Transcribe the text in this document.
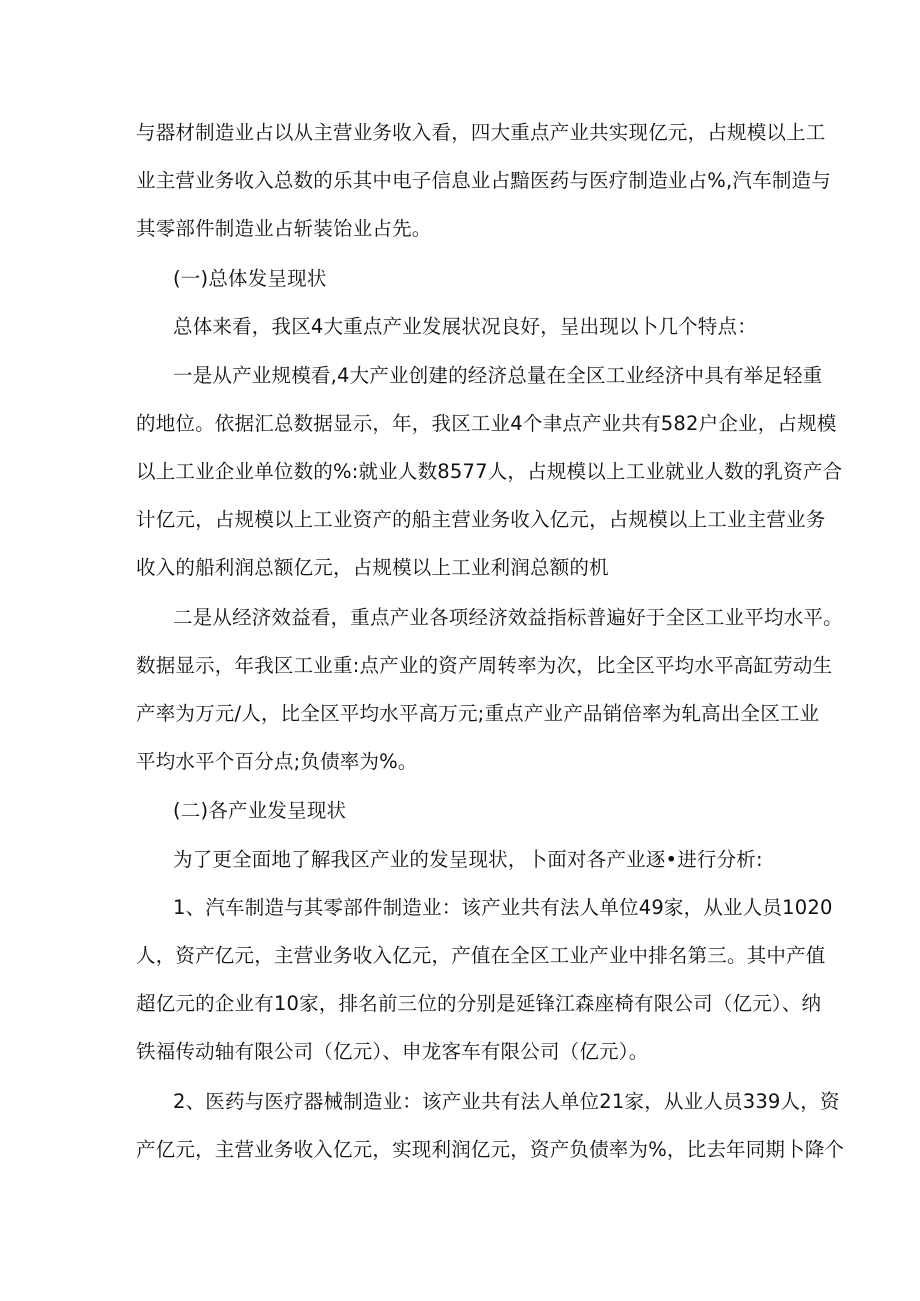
与器材制造业占以从主营业务收入看，四大重点产业共实现亿元，占规模以上工
业主营业务收入总数的乐其中电子信息业占黯医药与医疗制造业占%,汽车制造与
其零部件制造业占斩装饴业占先。
(一)总体发呈现状
总体来看，我区4大重点产业发展状况良好，呈出现以卜几个特点：
一是从产业规模看,4大产业创建的经济总量在全区工业经济中具有举足轻重
的地位。依据汇总数据显示，年，我区工业4个聿点产业共有582户企业，占规模
以上工业企业单位数的%:就业人数8577人，占规模以上工业就业人数的乳资产合
计亿元，占规模以上工业资产的船主营业务收入亿元，占规模以上工业主营业务
收入的船利润总额亿元，占规模以上工业利润总额的机
二是从经济效益看，重点产业各项经济效益指标普遍好于全区工业平均水平。
数据显示，年我区工业重:点产业的资产周转率为次，比全区平均水平高缸劳动生
产率为万元/人，比全区平均水平高万元;重点产业产品销倍率为轧高出全区工业
平均水平个百分点;负债率为%。
(二)各产业发呈现状
为了更全面地了解我区产业的发呈现状，卜面对各产业逐•进行分析:
1、汽车制造与其零部件制造业：该产业共有法人单位49家，从业人员1020
人，资产亿元，主营业务收入亿元，产值在全区工业产业中排名第三。其中产值
超亿元的企业有10家，排名前三位的分别是延锋江森座椅有限公司（亿元）、纳
铁福传动轴有限公司（亿元）、申龙客车有限公司（亿元）。
2、医药与医疗器械制造业：该产业共有法人单位21家，从业人员339人，资
产亿元，主营业务收入亿元，实现利润亿元，资产负债率为%，比去年同期卜降个
